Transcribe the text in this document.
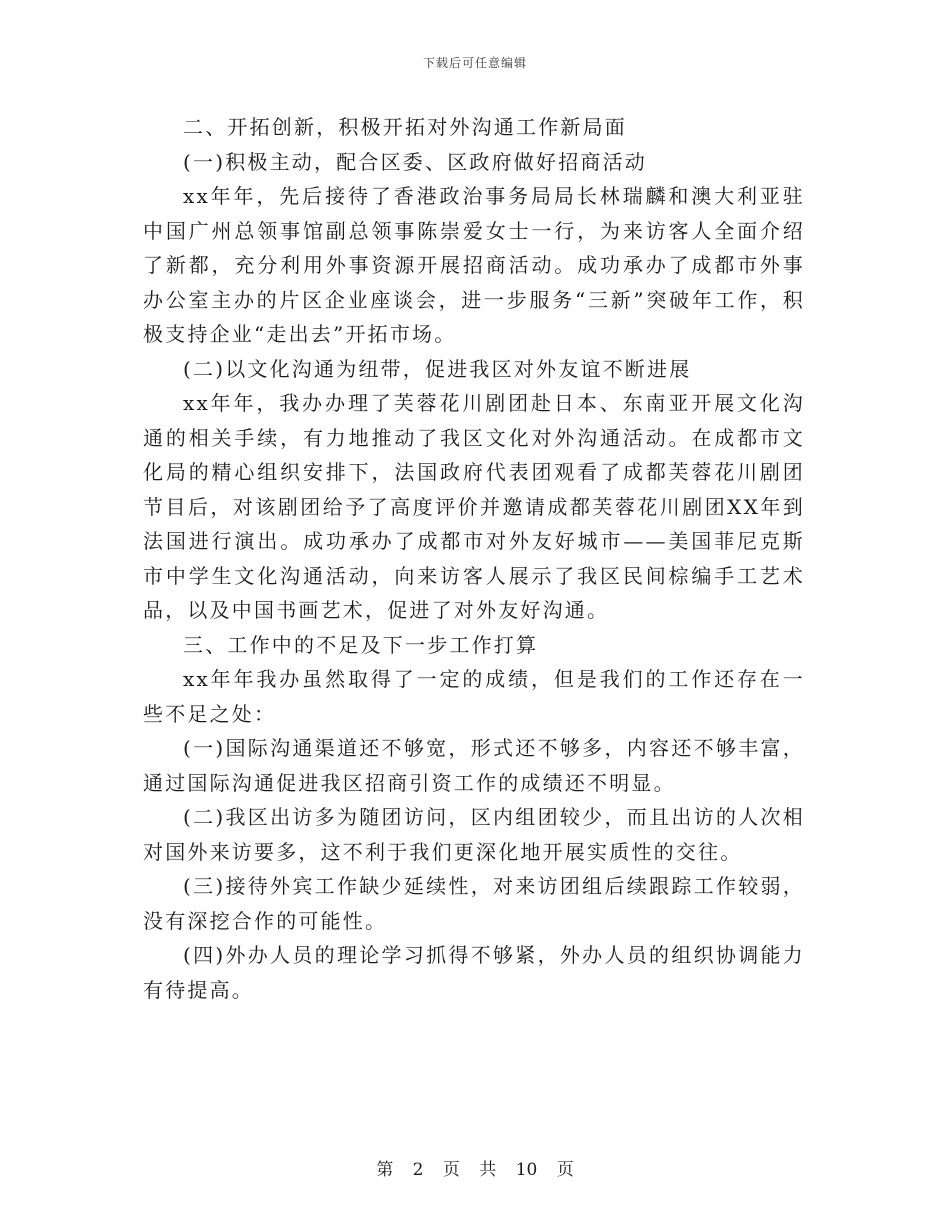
下载后可任意编辑

二、开拓创新，积极开拓对外沟通工作新局面

(一)积极主动，配合区委、区政府做好招商活动

xx年年，先后接待了香港政治事务局局长林瑞麟和澳大利亚驻中国广州总领事馆副总领事陈崇爱女士一行，为来访客人全面介绍了新都，充分利用外事资源开展招商活动。成功承办了成都市外事办公室主办的片区企业座谈会，进一步服务“三新”突破年工作，积极支持企业“走出去”开拓市场。

(二)以文化沟通为纽带，促进我区对外友谊不断进展

xx年年，我办办理了芙蓉花川剧团赴日本、东南亚开展文化沟通的相关手续，有力地推动了我区文化对外沟通活动。在成都市文化局的精心组织安排下，法国政府代表团观看了成都芙蓉花川剧团节目后，对该剧团给予了高度评价并邀请成都芙蓉花川剧团XX年到法国进行演出。成功承办了成都市对外友好城市——美国菲尼克斯市中学生文化沟通活动，向来访客人展示了我区民间棕编手工艺术品，以及中国书画艺术，促进了对外友好沟通。

三、工作中的不足及下一步工作打算

xx年年我办虽然取得了一定的成绩，但是我们的工作还存在一些不足之处：

(一)国际沟通渠道还不够宽，形式还不够多，内容还不够丰富，通过国际沟通促进我区招商引资工作的成绩还不明显。

(二)我区出访多为随团访问，区内组团较少，而且出访的人次相对国外来访要多，这不利于我们更深化地开展实质性的交往。

(三)接待外宾工作缺少延续性，对来访团组后续跟踪工作较弱，没有深挖合作的可能性。

(四)外办人员的理论学习抓得不够紧，外办人员的组织协调能力有待提高。

第 2 页 共 10 页
